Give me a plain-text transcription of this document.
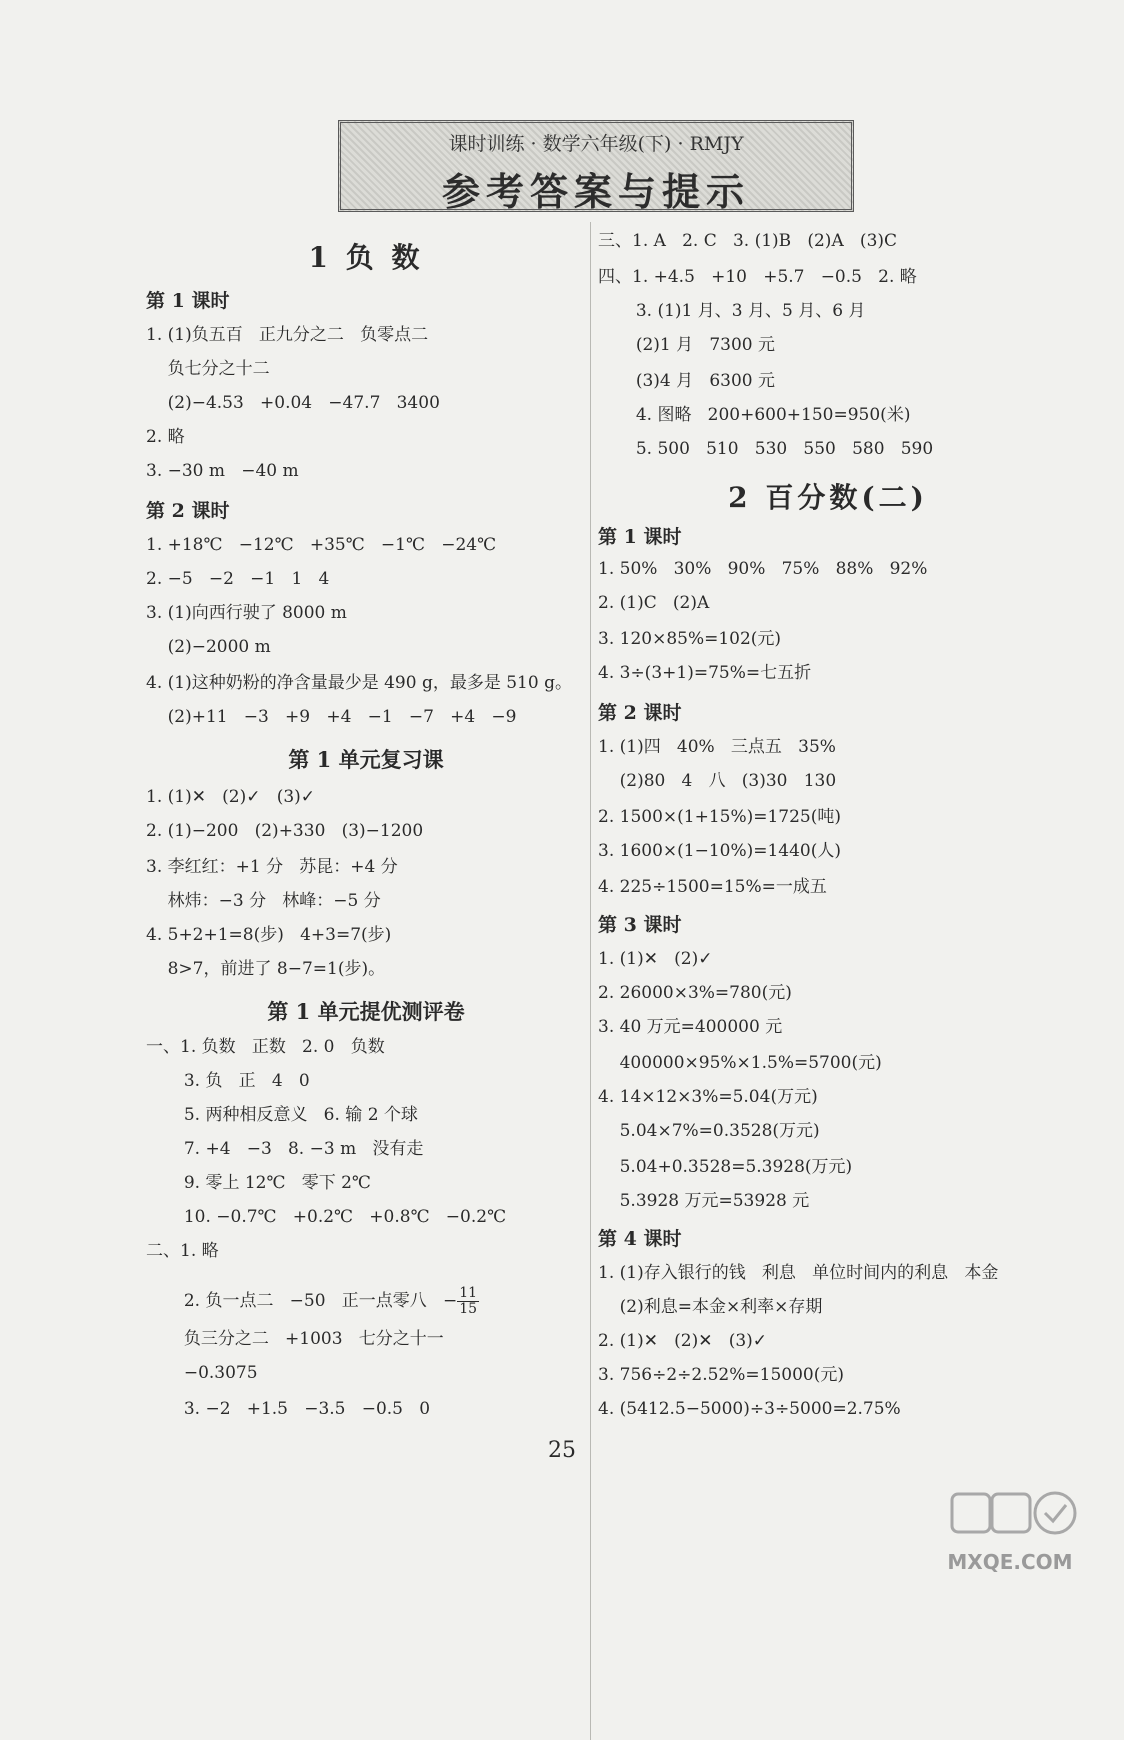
课时训练 · 数学六年级(下) · RMJY
参考答案与提示
1 负 数
第 1 课时
1. (1)负五百   正九分之二   负零点二
负七分之十二
(2)−4.53   +0.04   −47.7   3400
2. 略
3. −30 m   −40 m
第 2 课时
1. +18℃   −12℃   +35℃   −1℃   −24℃
2. −5   −2   −1   1   4
3. (1)向西行驶了 8000 m
(2)−2000 m
4. (1)这种奶粉的净含量最少是 490 g，最多是 510 g。
(2)+11   −3   +9   +4   −1   −7   +4   −9
第 1 单元复习课
1. (1)✕   (2)✓   (3)✓
2. (1)−200   (2)+330   (3)−1200
3. 李红红：+1 分   苏昆：+4 分
林炜：−3 分   林峰：−5 分
4. 5+2+1=8(步)   4+3=7(步)
8>7，前进了 8−7=1(步)。
第 1 单元提优测评卷
一、1. 负数   正数   2. 0   负数
3. 负   正   4   0
5. 两种相反意义   6. 输 2 个球
7. +4   −3   8. −3 m   没有走
9. 零上 12℃   零下 2℃
10. −0.7℃   +0.2℃   +0.8℃   −0.2℃
二、1. 略
2. 负一点二   −50   正一点零八   − $\frac{11}{15}$
负三分之二   +1003   七分之十一
−0.3075
3. −2   +1.5   −3.5   −0.5   0
三、1. A   2. C   3. (1)B   (2)A   (3)C
四、1. +4.5   +10   +5.7   −0.5   2. 略
3. (1)1 月、3 月、5 月、6 月
(2)1 月   7300 元
(3)4 月   6300 元
4. 图略   200+600+150=950(米)
5. 500   510   530   550   580   590
2 百分数(二)
第 1 课时
1. 50%   30%   90%   75%   88%   92%
2. (1)C   (2)A
3. 120×85%=102(元)
4. 3÷(3+1)=75%=七五折
第 2 课时
1. (1)四   40%   三点五   35%
(2)80   4   八   (3)30   130
2. 1500×(1+15%)=1725(吨)
3. 1600×(1−10%)=1440(人)
4. 225÷1500=15%=一成五
第 3 课时
1. (1)✕   (2)✓
2. 26000×3%=780(元)
3. 40 万元=400000 元
400000×95%×1.5%=5700(元)
4. 14×12×3%=5.04(万元)
5.04×7%=0.3528(万元)
5.04+0.3528=5.3928(万元)
5.3928 万元=53928 元
第 4 课时
1. (1)存入银行的钱   利息   单位时间内的利息   本金
(2)利息=本金×利率×存期
2. (1)✕   (2)✕   (3)✓
3. 756÷2÷2.52%=15000(元)
4. (5412.5−5000)÷3÷5000=2.75%
25
MXQE.COM
